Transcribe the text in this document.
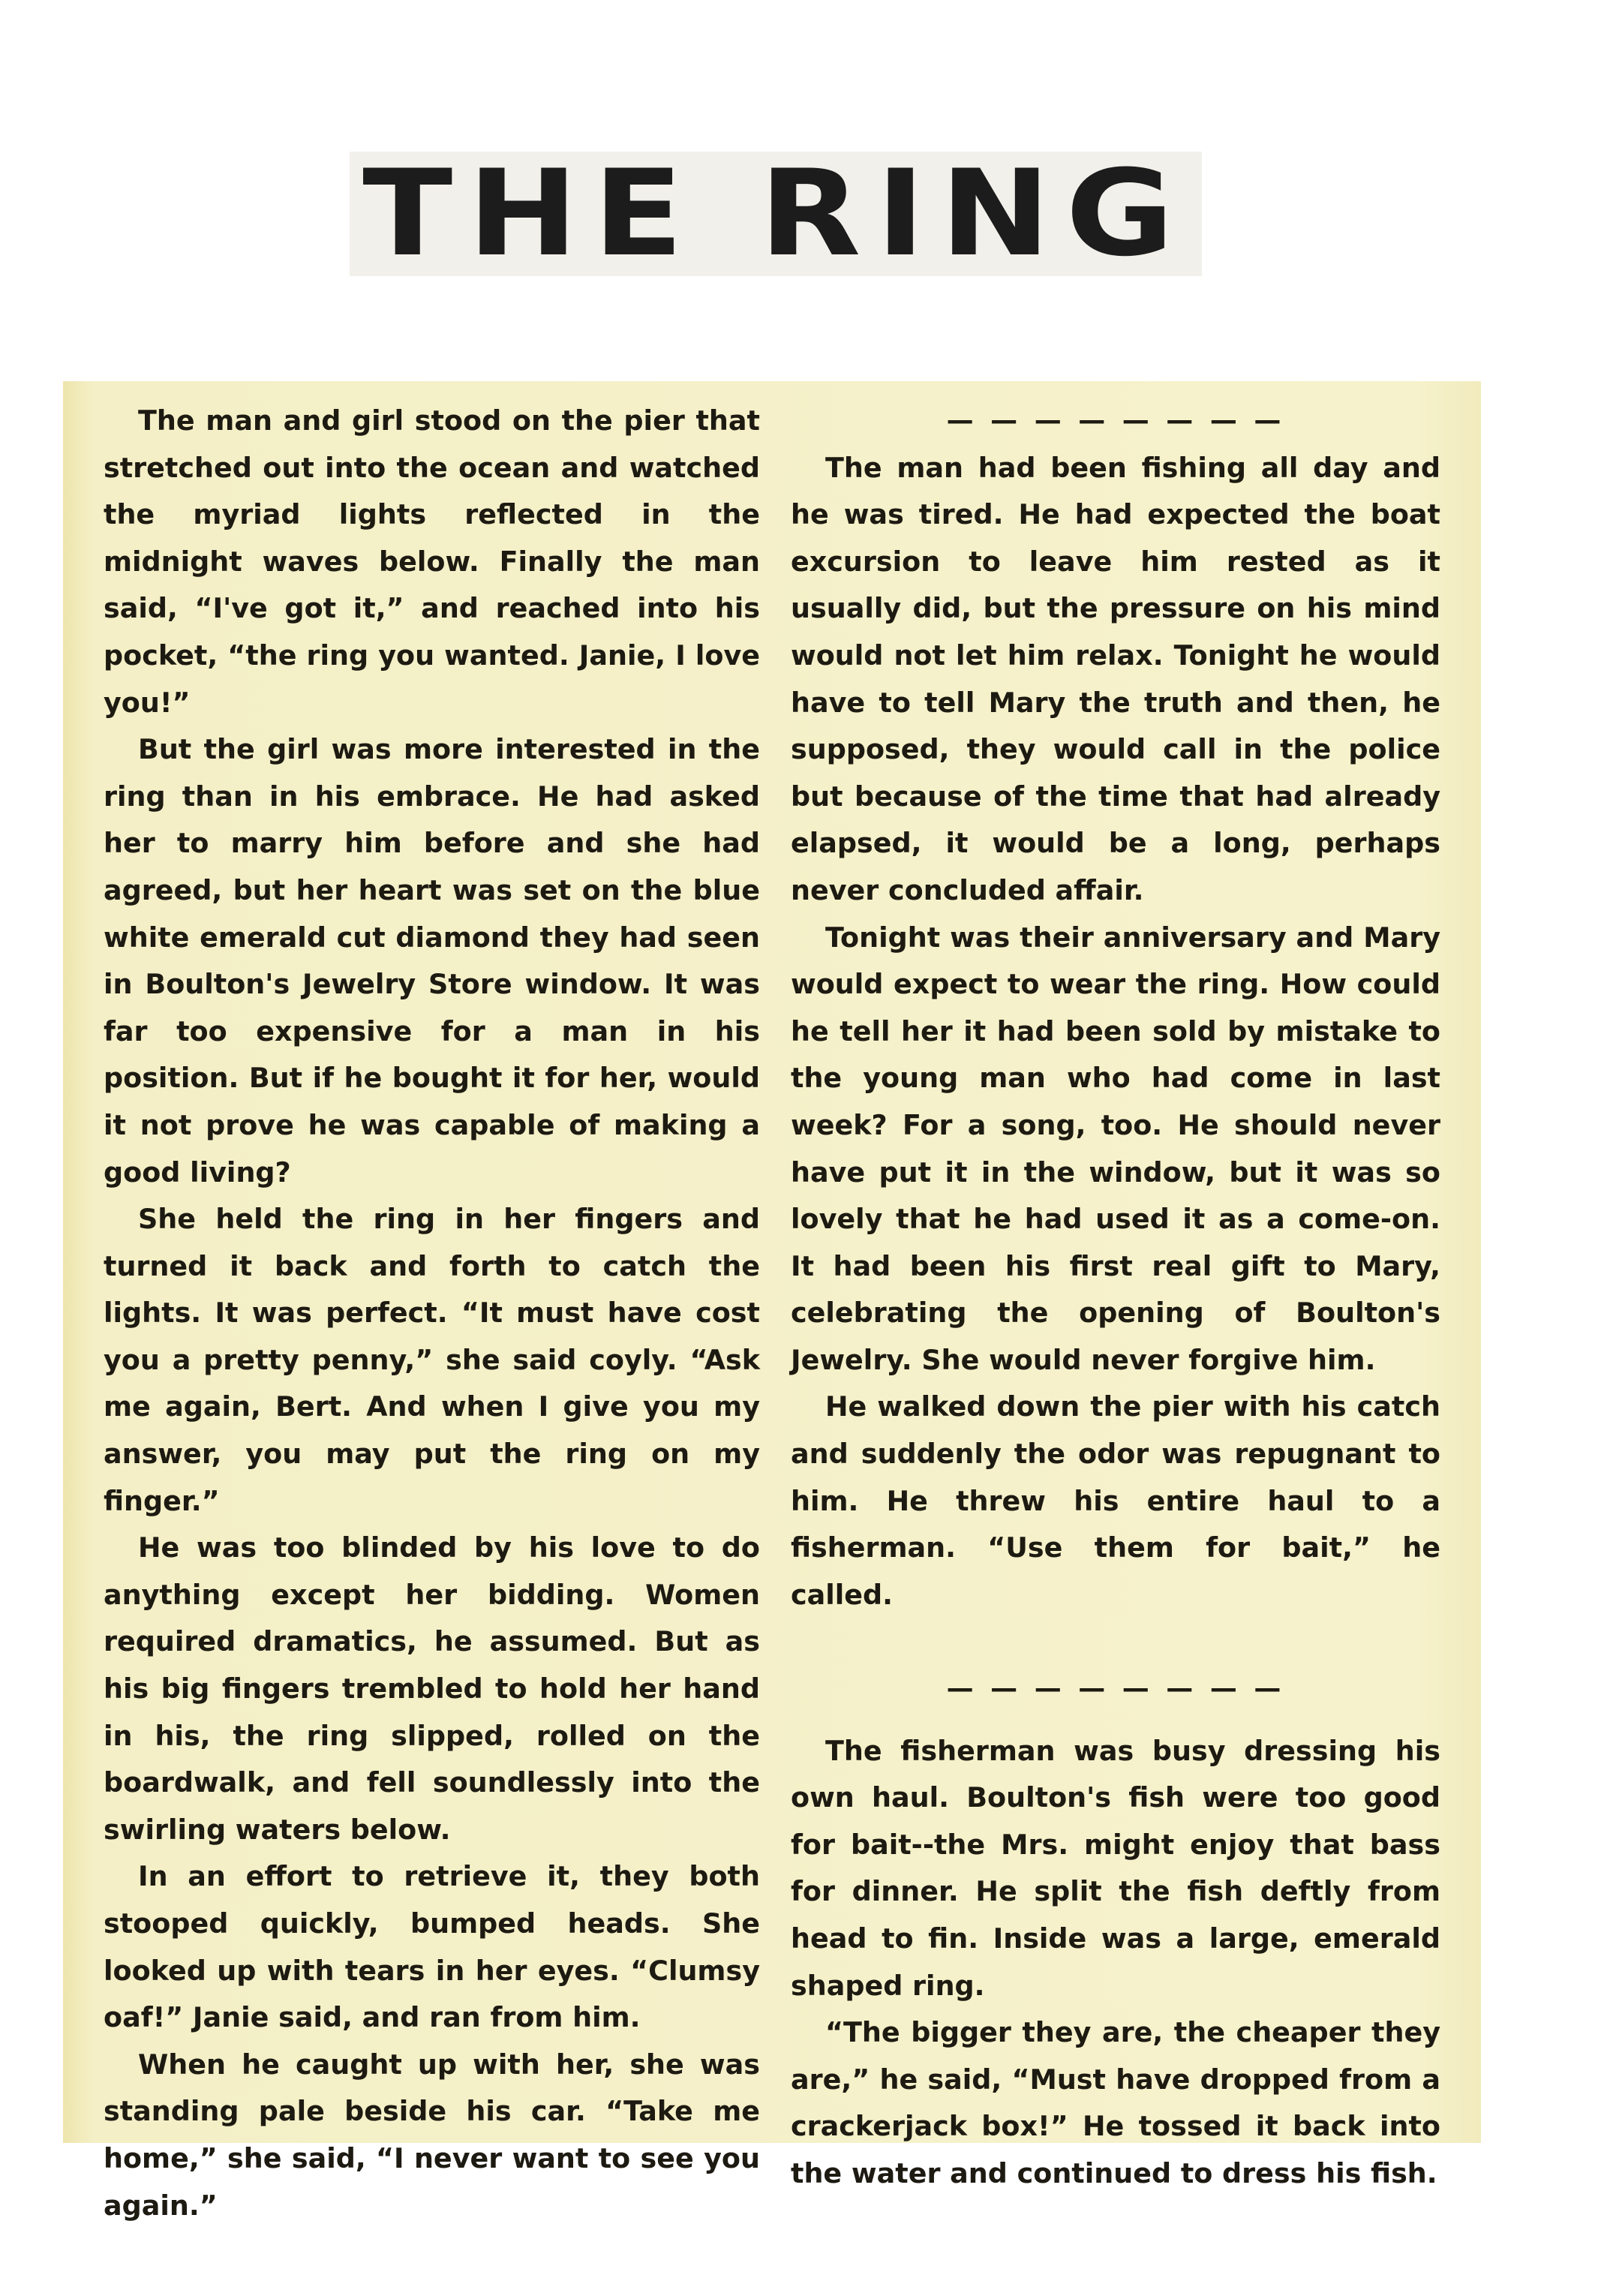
THE RING

The man and girl stood on the pier that stretched out into the ocean and watched the myriad lights reflected in the midnight waves below. Finally the man said, “I've got it,” and reached into his pocket, “the ring you wanted. Janie, I love you!”

But the girl was more interested in the ring than in his embrace. He had asked her to marry him before and she had agreed, but her heart was set on the blue white emerald cut diamond they had seen in Boulton's Jewelry Store window. It was far too expensive for a man in his position. But if he bought it for her, would it not prove he was capable of making a good living?

She held the ring in her fingers and turned it back and forth to catch the lights. It was perfect. “It must have cost you a pretty penny,” she said coyly. “Ask me again, Bert. And when I give you my answer, you may put the ring on my finger.”

He was too blinded by his love to do anything except her bidding. Women required dramatics, he assumed. But as his big fingers trembled to hold her hand in his, the ring slipped, rolled on the boardwalk, and fell soundlessly into the swirling waters below.

In an effort to retrieve it, they both stooped quickly, bumped heads. She looked up with tears in her eyes. “Clumsy oaf!” Janie said, and ran from him.

When he caught up with her, she was standing pale beside his car. “Take me home,” she said, “I never want to see you again.”

— — — — — — — —

The man had been fishing all day and he was tired. He had expected the boat excursion to leave him rested as it usually did, but the pressure on his mind would not let him relax. Tonight he would have to tell Mary the truth and then, he supposed, they would call in the police but because of the time that had already elapsed, it would be a long, perhaps never concluded affair.

Tonight was their anniversary and Mary would expect to wear the ring. How could he tell her it had been sold by mistake to the young man who had come in last week? For a song, too. He should never have put it in the window, but it was so lovely that he had used it as a come-on. It had been his first real gift to Mary, celebrating the opening of Boulton's Jewelry. She would never forgive him.

He walked down the pier with his catch and suddenly the odor was repugnant to him. He threw his entire haul to a fisherman. “Use them for bait,” he called.

— — — — — — — —

The fisherman was busy dressing his own haul. Boulton's fish were too good for bait--the Mrs. might enjoy that bass for dinner. He split the fish deftly from head to fin. Inside was a large, emerald shaped ring.

“The bigger they are, the cheaper they are,” he said, “Must have dropped from a crackerjack box!” He tossed it back into the water and continued to dress his fish.
